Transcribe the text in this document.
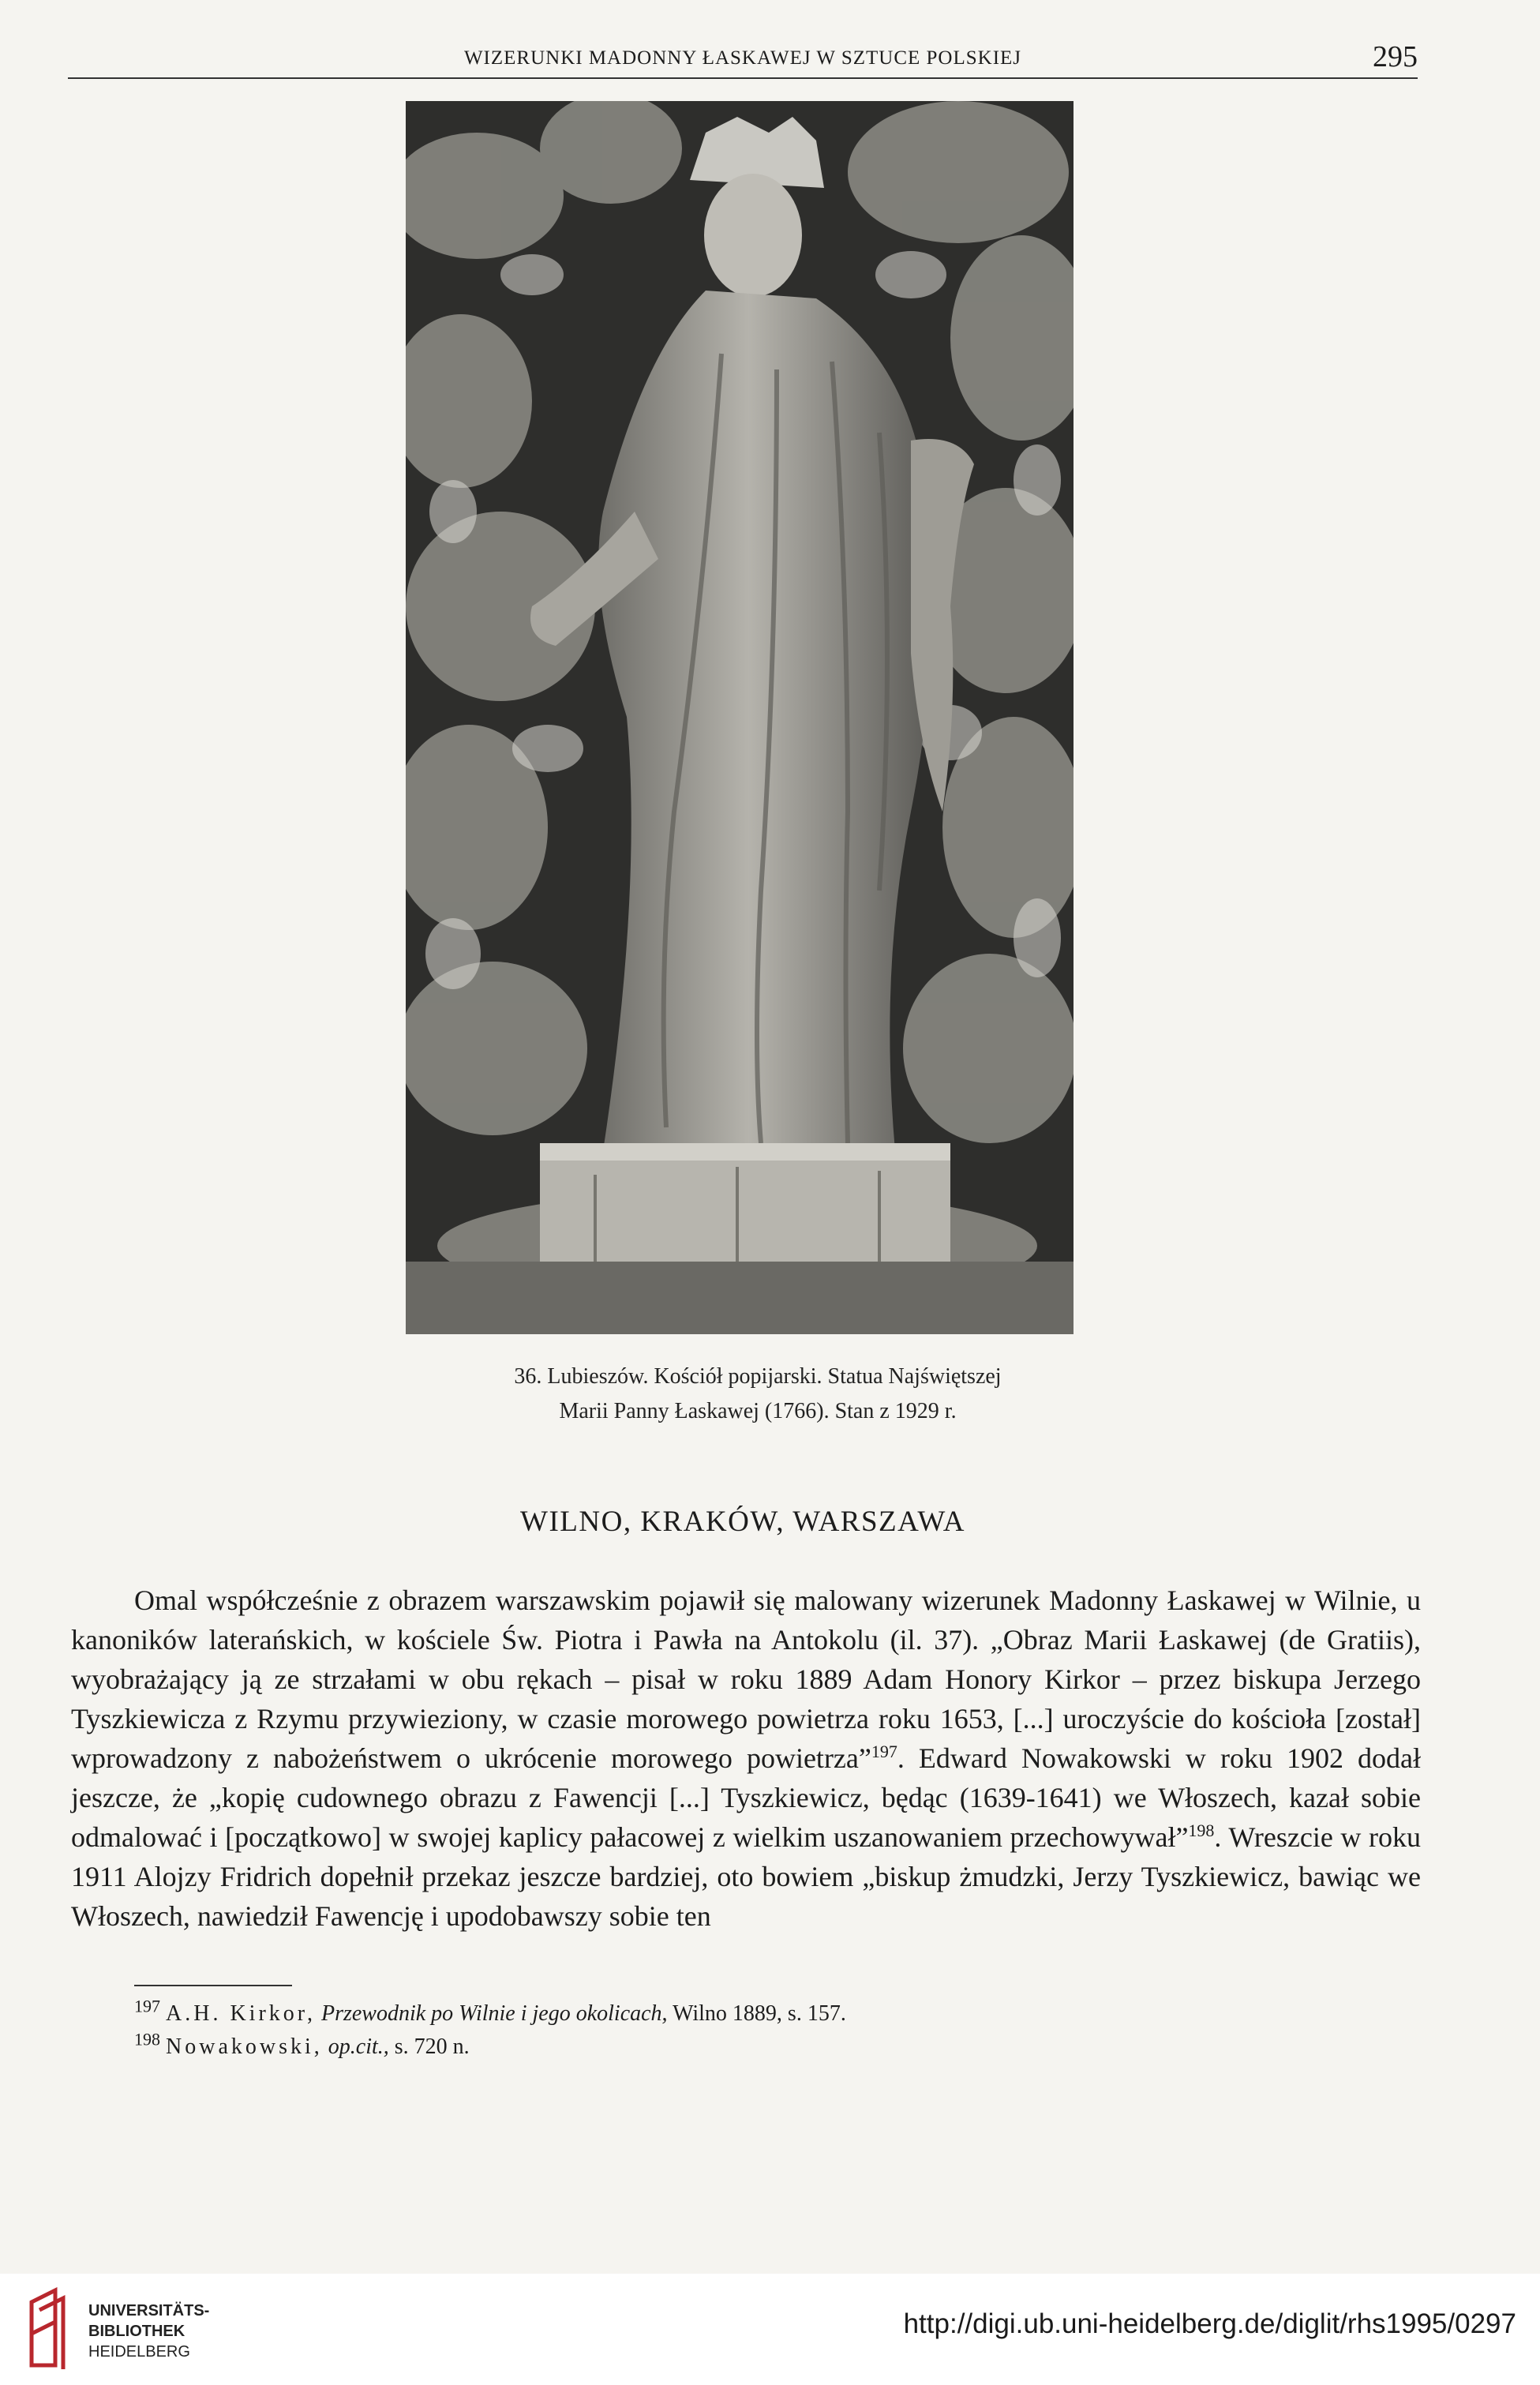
WIZERUNKI MADONNY ŁASKAWEJ W SZTUCE POLSKIEJ	295
36. Lubieszów. Kościół popijarski. Statua Najświętszej
Marii Panny Łaskawej (1766). Stan z 1929 r.
WILNO, KRAKÓW, WARSZAWA

Omal współcześnie z obrazem warszawskim pojawił się malowany wizerunek Madonny Łaskawej w Wilnie, u kanoników laterańskich, w kościele Św. Piotra i Pawła na Antokolu (il. 37). „Obraz Marii Łaskawej (de Gratiis), wyobrażający ją ze strzałami w obu rękach – pisał w roku 1889 Adam Honory Kirkor – przez biskupa Jerzego Tyszkiewicza z Rzymu przywieziony, w czasie morowego powietrza roku 1653, [...] uroczyście do kościoła [został] wprowadzony z nabożeństwem o ukrócenie morowego powietrza”$^{197}$. Edward Nowakowski w roku 1902 dodał jeszcze, że „kopię cudownego obrazu z Fawencji [...] Tyszkiewicz, będąc (1639-1641) we Włoszech, kazał sobie odmalować i [początkowo] w swojej kaplicy pałacowej z wielkim uszanowaniem przechowywał”$^{198}$. Wreszcie w roku 1911 Alojzy Fridrich dopełnił przekaz jeszcze bardziej, oto bowiem „biskup żmudzki, Jerzy Tyszkiewicz, bawiąc we Włoszech, nawiedził Fawencję i upodobawszy sobie ten

$^{197}$ A.H. Kirkor, Przewodnik po Wilnie i jego okolicach, Wilno 1889, s. 157.

$^{198}$ Nowakowski, op.cit., s. 720 n.

UNIVERSITÄTS-
BIBLIOTHEK
HEIDELBERG
http://digi.ub.uni-heidelberg.de/diglit/rhs1995/0297
